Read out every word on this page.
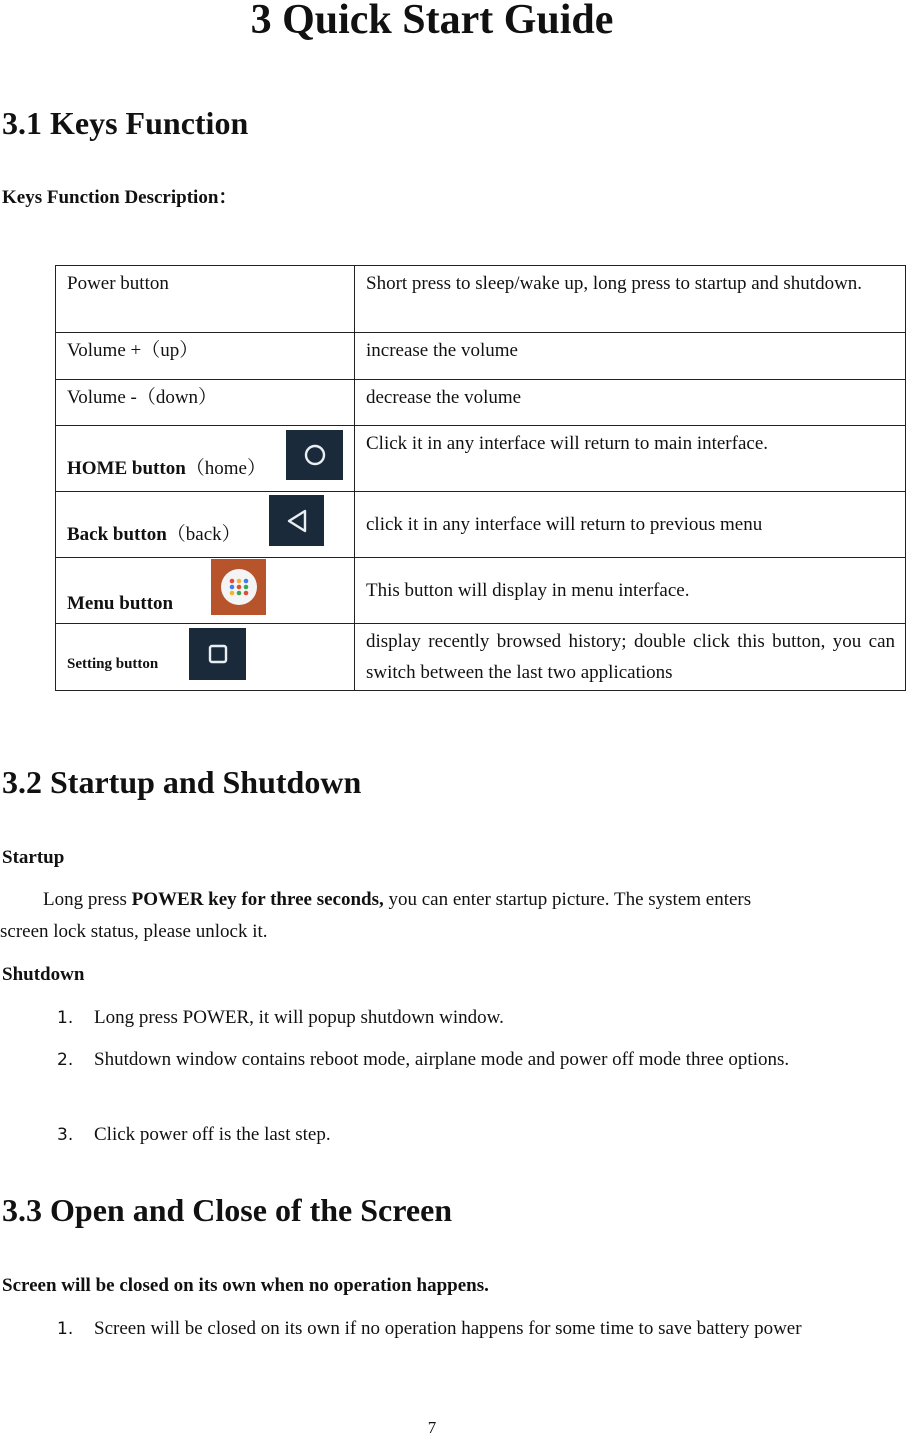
3 Quick Start Guide
3.1 Keys Function
Keys Function Description：
Power button	Short press to sleep/wake up, long press to startup and shutdown.
Volume +（up）	increase the volume
Volume -（down）	decrease the volume

HOME button（home）	Click it in any interface will return to main interface.

Back button（back）	click it in any interface will return to previous menu

Menu button	This button will display in menu interface.

Setting button	display recently browsed history; double click this button, you can switch between the last two applications
3.2 Startup and Shutdown
Startup
Long press POWER key for three seconds, you can enter startup picture. The system enters
screen lock status, please unlock it.
Shutdown
1. Long press POWER, it will popup shutdown window.
2. Shutdown window contains reboot mode, airplane mode and power off mode three options.
3. Click power off is the last step.
3.3 Open and Close of the Screen
Screen will be closed on its own when no operation happens.
1. Screen will be closed on its own if no operation happens for some time to save battery power
7
